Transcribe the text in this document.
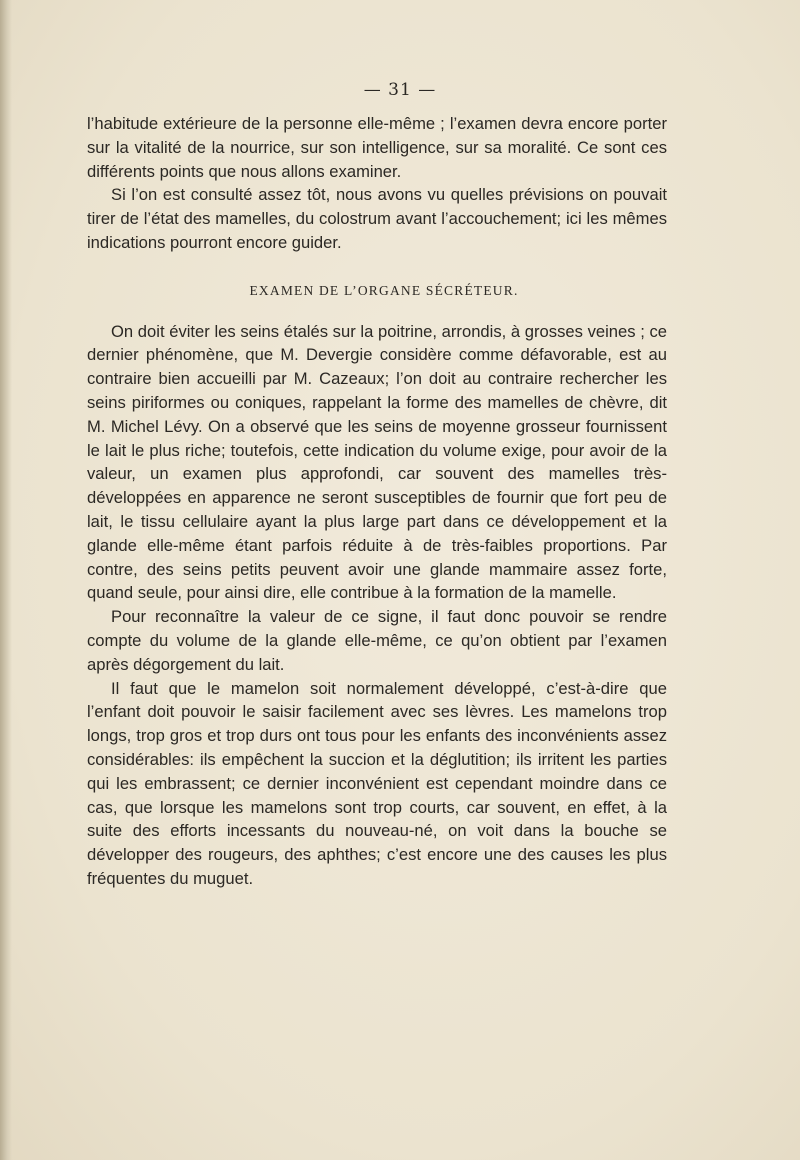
— 31 —

l’habitude extérieure de la personne elle-même ; l’examen devra encore porter sur la vitalité de la nourrice, sur son intelligence, sur sa moralité. Ce sont ces différents points que nous allons examiner.

Si l’on est consulté assez tôt, nous avons vu quelles prévisions on pouvait tirer de l’état des mamelles, du colostrum avant l’accouchement; ici les mêmes indications pourront encore guider.

EXAMEN DE L’ORGANE SÉCRÉTEUR.

On doit éviter les seins étalés sur la poitrine, arrondis, à grosses veines ; ce dernier phénomène, que M. Devergie considère comme défavorable, est au contraire bien accueilli par M. Cazeaux; l’on doit au contraire rechercher les seins piriformes ou coniques, rappelant la forme des mamelles de chèvre, dit M. Michel Lévy. On a observé que les seins de moyenne grosseur fournissent le lait le plus riche; toutefois, cette indication du volume exige, pour avoir de la valeur, un examen plus approfondi, car souvent des mamelles très-développées en apparence ne seront susceptibles de fournir que fort peu de lait, le tissu cellulaire ayant la plus large part dans ce développement et la glande elle-même étant parfois réduite à de très-faibles proportions. Par contre, des seins petits peuvent avoir une glande mammaire assez forte, quand seule, pour ainsi dire, elle contribue à la formation de la mamelle.

Pour reconnaître la valeur de ce signe, il faut donc pouvoir se rendre compte du volume de la glande elle-même, ce qu’on obtient par l’examen après dégorgement du lait.

Il faut que le mamelon soit normalement développé, c’est-à-dire que l’enfant doit pouvoir le saisir facilement avec ses lèvres. Les mamelons trop longs, trop gros et trop durs ont tous pour les enfants des inconvénients assez considérables: ils empêchent la succion et la déglutition; ils irritent les parties qui les embrassent; ce dernier inconvénient est cependant moindre dans ce cas, que lorsque les mamelons sont trop courts, car souvent, en effet, à la suite des efforts incessants du nouveau-né, on voit dans la bouche se développer des rougeurs, des aphthes; c’est encore une des causes les plus fréquentes du muguet.
